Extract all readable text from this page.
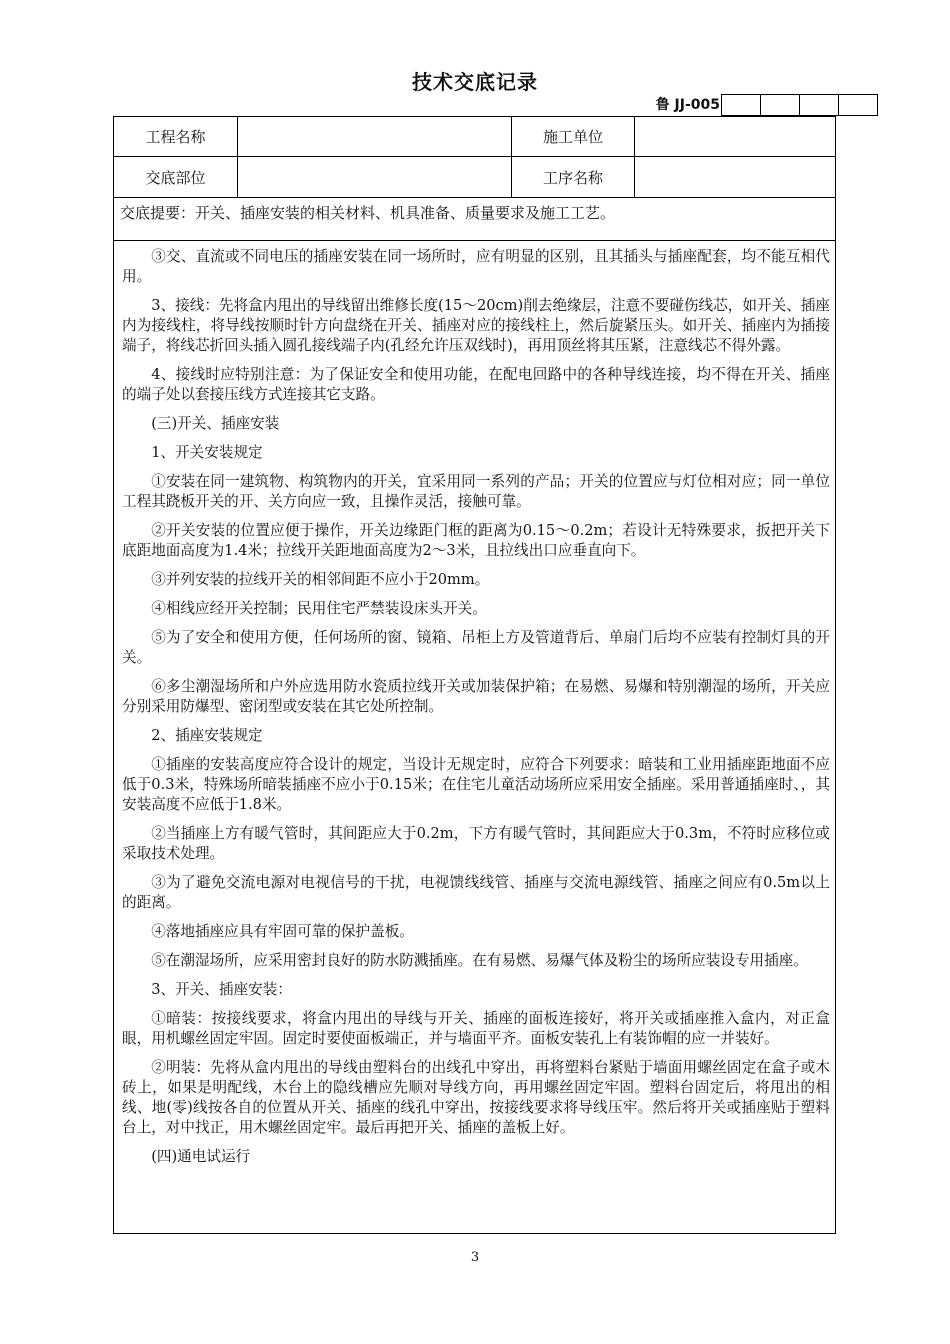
技术交底记录
鲁 JJ-005
工程名称	施工单位
交底部位	工序名称
交底提要：开关、插座安装的相关材料、机具准备、质量要求及施工工艺。

③交、直流或不同电压的插座安装在同一场所时，应有明显的区别，且其插头与插座配套，均不能互相代用。

3、接线：先将盒内甩出的导线留出维修长度(15～20cm)削去绝缘层，注意不要碰伤线芯，如开关、插座内为接线柱，将导线按顺时针方向盘绕在开关、插座对应的接线柱上，然后旋紧压头。如开关、插座内为插接端子，将线芯折回头插入圆孔接线端子内(孔经允许压双线时)，再用顶丝将其压紧，注意线芯不得外露。

4、接线时应特别注意：为了保证安全和使用功能，在配电回路中的各种导线连接，均不得在开关、插座的端子处以套接压线方式连接其它支路。

(三)开关、插座安装

1、开关安装规定

①安装在同一建筑物、构筑物内的开关，宜采用同一系列的产品；开关的位置应与灯位相对应；同一单位工程其跷板开关的开、关方向应一致，且操作灵活，接触可靠。

②开关安装的位置应便于操作，开关边缘距门框的距离为0.15～0.2m；若设计无特殊要求，扳把开关下底距地面高度为1.4米；拉线开关距地面高度为2～3米，且拉线出口应垂直向下。

③并列安装的拉线开关的相邻间距不应小于20mm。

④相线应经开关控制；民用住宅严禁装设床头开关。

⑤为了安全和使用方便，任何场所的窗、镜箱、吊柜上方及管道背后、单扇门后均不应装有控制灯具的开关。

⑥多尘潮湿场所和户外应选用防水瓷质拉线开关或加装保护箱；在易燃、易爆和特别潮湿的场所，开关应分别采用防爆型、密闭型或安装在其它处所控制。

2、插座安装规定

①插座的安装高度应符合设计的规定，当设计无规定时，应符合下列要求：暗装和工业用插座距地面不应低于0.3米，特殊场所暗装插座不应小于0.15米；在住宅儿童活动场所应采用安全插座。采用普通插座时、，其安装高度不应低于1.8米。

②当插座上方有暖气管时，其间距应大于0.2m，下方有暖气管时，其间距应大于0.3m，不符时应移位或采取技术处理。

③为了避免交流电源对电视信号的干扰，电视馈线线管、插座与交流电源线管、插座之间应有0.5m以上的距离。

④落地插座应具有牢固可靠的保护盖板。

⑤在潮湿场所，应采用密封良好的防水防溅插座。在有易燃、易爆气体及粉尘的场所应装设专用插座。

3、开关、插座安装：

①暗装：按接线要求，将盒内甩出的导线与开关、插座的面板连接好，将开关或插座推入盒内，对正盒眼，用机螺丝固定牢固。固定时要使面板端正，并与墙面平齐。面板安装孔上有装饰帽的应一并装好。

②明装：先将从盒内甩出的导线由塑料台的出线孔中穿出，再将塑料台紧贴于墙面用螺丝固定在盒子或木砖上，如果是明配线，木台上的隐线槽应先顺对导线方向，再用螺丝固定牢固。塑料台固定后，将甩出的相线、地(零)线按各自的位置从开关、插座的线孔中穿出，按接线要求将导线压牢。然后将开关或插座贴于塑料台上，对中找正，用木螺丝固定牢。最后再把开关、插座的盖板上好。

(四)通电试运行

3
